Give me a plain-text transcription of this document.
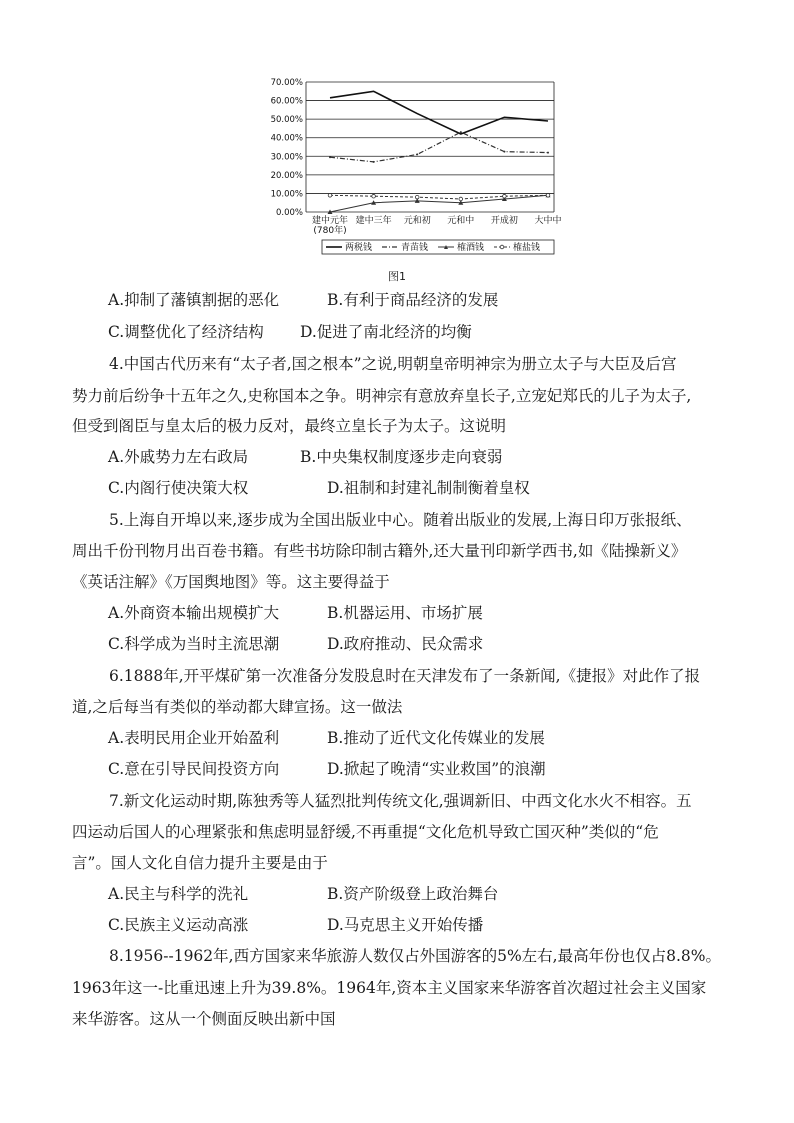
70.00%
60.00%
50.00%
40.00%
30.00%
20.00%
10.00%
0.00%
建中元年
(780年)
建中三年 元和初 元和中 开成初 大中中
两税钱	青苗钱	榷酒钱	榷盐钱
图1
A.抑制了藩镇割据的恶化	B.有利于商品经济的发展
C.调整优化了经济结构 D.促进了南北经济的均衡
4.中国古代历来有“太子者,国之根本”之说,明朝皇帝明神宗为册立太子与大臣及后宫
势力前后纷争十五年之久,史称国本之争。明神宗有意放弃皇长子,立宠妃郑氏的儿子为太子,
但受到阁臣与皇太后的极力反对，最终立皇长子为太子。这说明
A.外戚势力左右政局	B.中央集权制度逐步走向衰弱
C.内阁行使决策大权	D.祖制和封建礼制制衡着皇权
5.上海自开埠以来,逐步成为全国出版业中心。随着出版业的发展,上海日印万张报纸、
周出千份刊物月出百卷书籍。有些书坊除印制古籍外,还大量刊印新学西书,如《陆操新义》
《英话注解》《万国舆地图》等。这主要得益于
A.外商资本输出规模扩大	B.机器运用、市场扩展
C.科学成为当时主流思潮	D.政府推动、民众需求
6.1888年,开平煤矿第一次准备分发股息时在天津发布了一条新闻,《捷报》对此作了报
道,之后每当有类似的举动都大肆宣扬。这一做法
A.表明民用企业开始盈利	B.推动了近代文化传媒业的发展
C.意在引导民间投资方向	D.掀起了晚清“实业救国”的浪潮
7.新文化运动时期,陈独秀等人猛烈批判传统文化,强调新旧、中西文化水火不相容。五
四运动后国人的心理紧张和焦虑明显舒缓,不再重提“文化危机导致亡国灭种”类似的“危
言”。国人文化自信力提升主要是由于
A.民主与科学的洗礼	B.资产阶级登上政治舞台
C.民族主义运动高涨	D.马克思主义开始传播
8.1956--1962年,西方国家来华旅游人数仅占外国游客的5%左右,最高年份也仅占8.8%。
1963年这一-比重迅速上升为39.8%。1964年,资本主义国家来华游客首次超过社会主义国家
来华游客。这从一个侧面反映出新中国
